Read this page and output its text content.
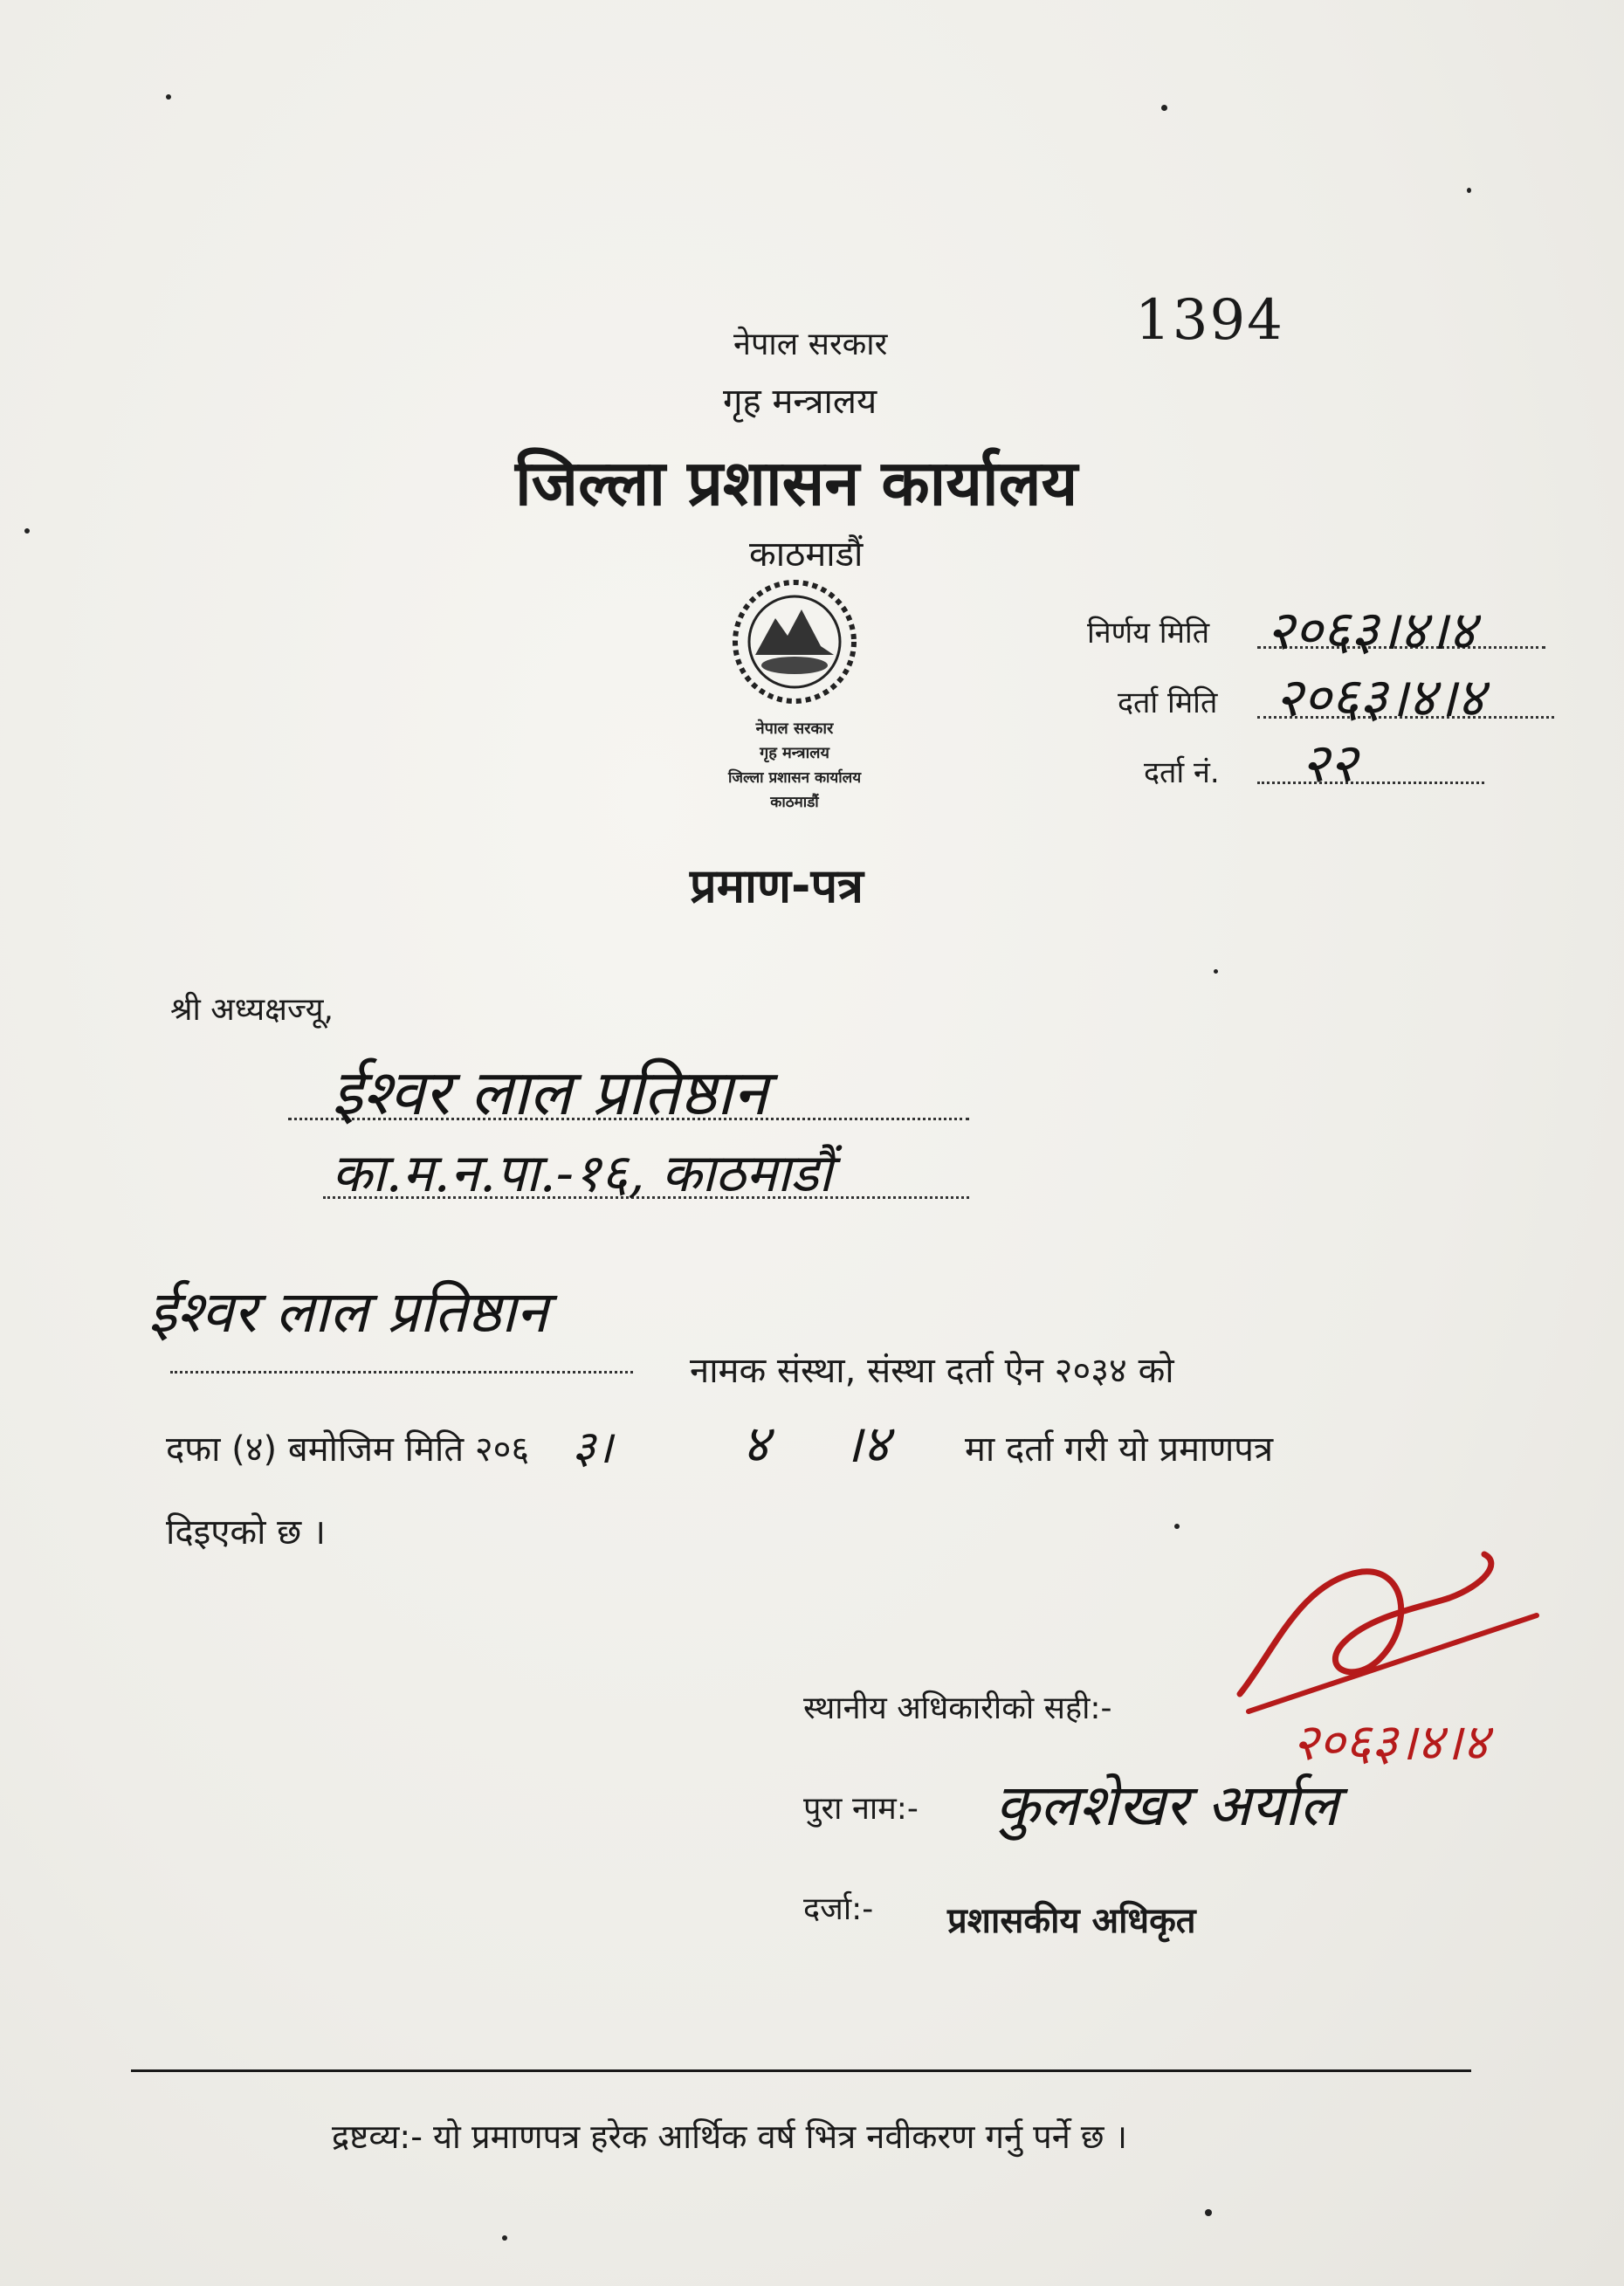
1394
नेपाल सरकार
गृह मन्त्रालय
जिल्ला प्रशासन कार्यालय
काठमाडौं
नेपाल सरकार
गृह मन्त्रालय
जिल्ला प्रशासन कार्यालय
काठमाडौं
निर्णय मिति २०६३।४।४
दर्ता मिति २०६३।४।४
दर्ता नं. २२
प्रमाण-पत्र
श्री अध्यक्षज्यू,
ईश्वर लाल प्रतिष्ठान
का.म.न.पा.-१६, काठमाडौं
ईश्वर लाल प्रतिष्ठान
नामक संस्था, संस्था दर्ता ऐन २०३४ को
दफा (४) बमोजिम मिति २०६ ३। ४ ।४ मा दर्ता गरी यो प्रमाणपत्र
दिइएको छ ।
स्थानीय अधिकारीको सही:-
२०६३।४।४
पुरा नाम:- कुलशेखर अर्याल
दर्जा:- प्रशासकीय अधिकृत
द्रष्टव्य:- यो प्रमाणपत्र हरेक आर्थिक वर्ष भित्र नवीकरण गर्नु पर्ने छ ।
